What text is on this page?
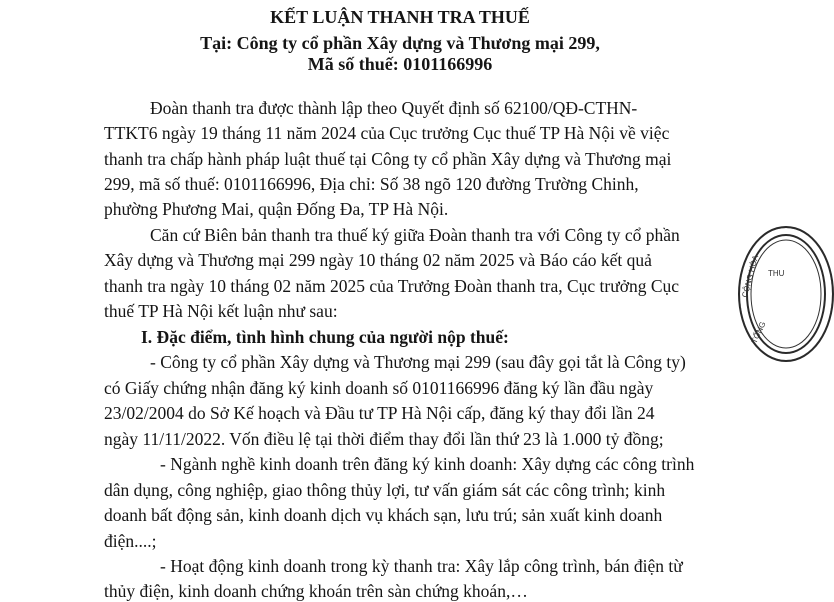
KẾT LUẬN THANH TRA THUẾ
Tại: Công ty cổ phần Xây dựng và Thương mại 299,
Mã số thuế: 0101166996
Đoàn thanh tra được thành lập theo Quyết định số 62100/QĐ-CTHN-
TTKT6 ngày 19 tháng 11 năm 2024 của Cục trưởng Cục thuế TP Hà Nội về việc
thanh tra chấp hành pháp luật thuế tại Công ty cổ phần Xây dựng và Thương mại
299, mã số thuế: 0101166996, Địa chỉ: Số 38 ngõ 120 đường Trường Chinh,
phường Phương Mai, quận Đống Đa, TP Hà Nội.
Căn cứ Biên bản thanh tra thuế ký giữa Đoàn thanh tra với Công ty cổ phần
Xây dựng và Thương mại 299 ngày 10 tháng 02 năm 2025 và Báo cáo kết quả
thanh tra ngày 10 tháng 02 năm 2025 của Trưởng Đoàn thanh tra, Cục trưởng Cục
thuế TP Hà Nội kết luận như sau:
I. Đặc điểm, tình hình chung của người nộp thuế:
- Công ty cổ phần Xây dựng và Thương mại 299 (sau đây gọi tắt là Công ty)
có Giấy chứng nhận đăng ký kinh doanh số 0101166996 đăng ký lần đầu ngày
23/02/2004 do Sở Kế hoạch và Đầu tư TP Hà Nội cấp, đăng ký thay đổi lần 24
ngày 11/11/2022. Vốn điều lệ tại thời điểm thay đổi lần thứ 23 là 1.000 tỷ đồng;
- Ngành nghề kinh doanh trên đăng ký kinh doanh: Xây dựng các công trình
dân dụng, công nghiệp, giao thông thủy lợi, tư vấn giám sát các công trình; kinh
doanh bất động sản, kinh doanh dịch vụ khách sạn, lưu trú; sản xuất kinh doanh
điện....;
- Hoạt động kinh doanh trong kỳ thanh tra: Xây lắp công trình, bán điện từ
thủy điện, kinh doanh chứng khoán trên sàn chứng khoán,…
CỘNG HÒA THU
TỔNG
